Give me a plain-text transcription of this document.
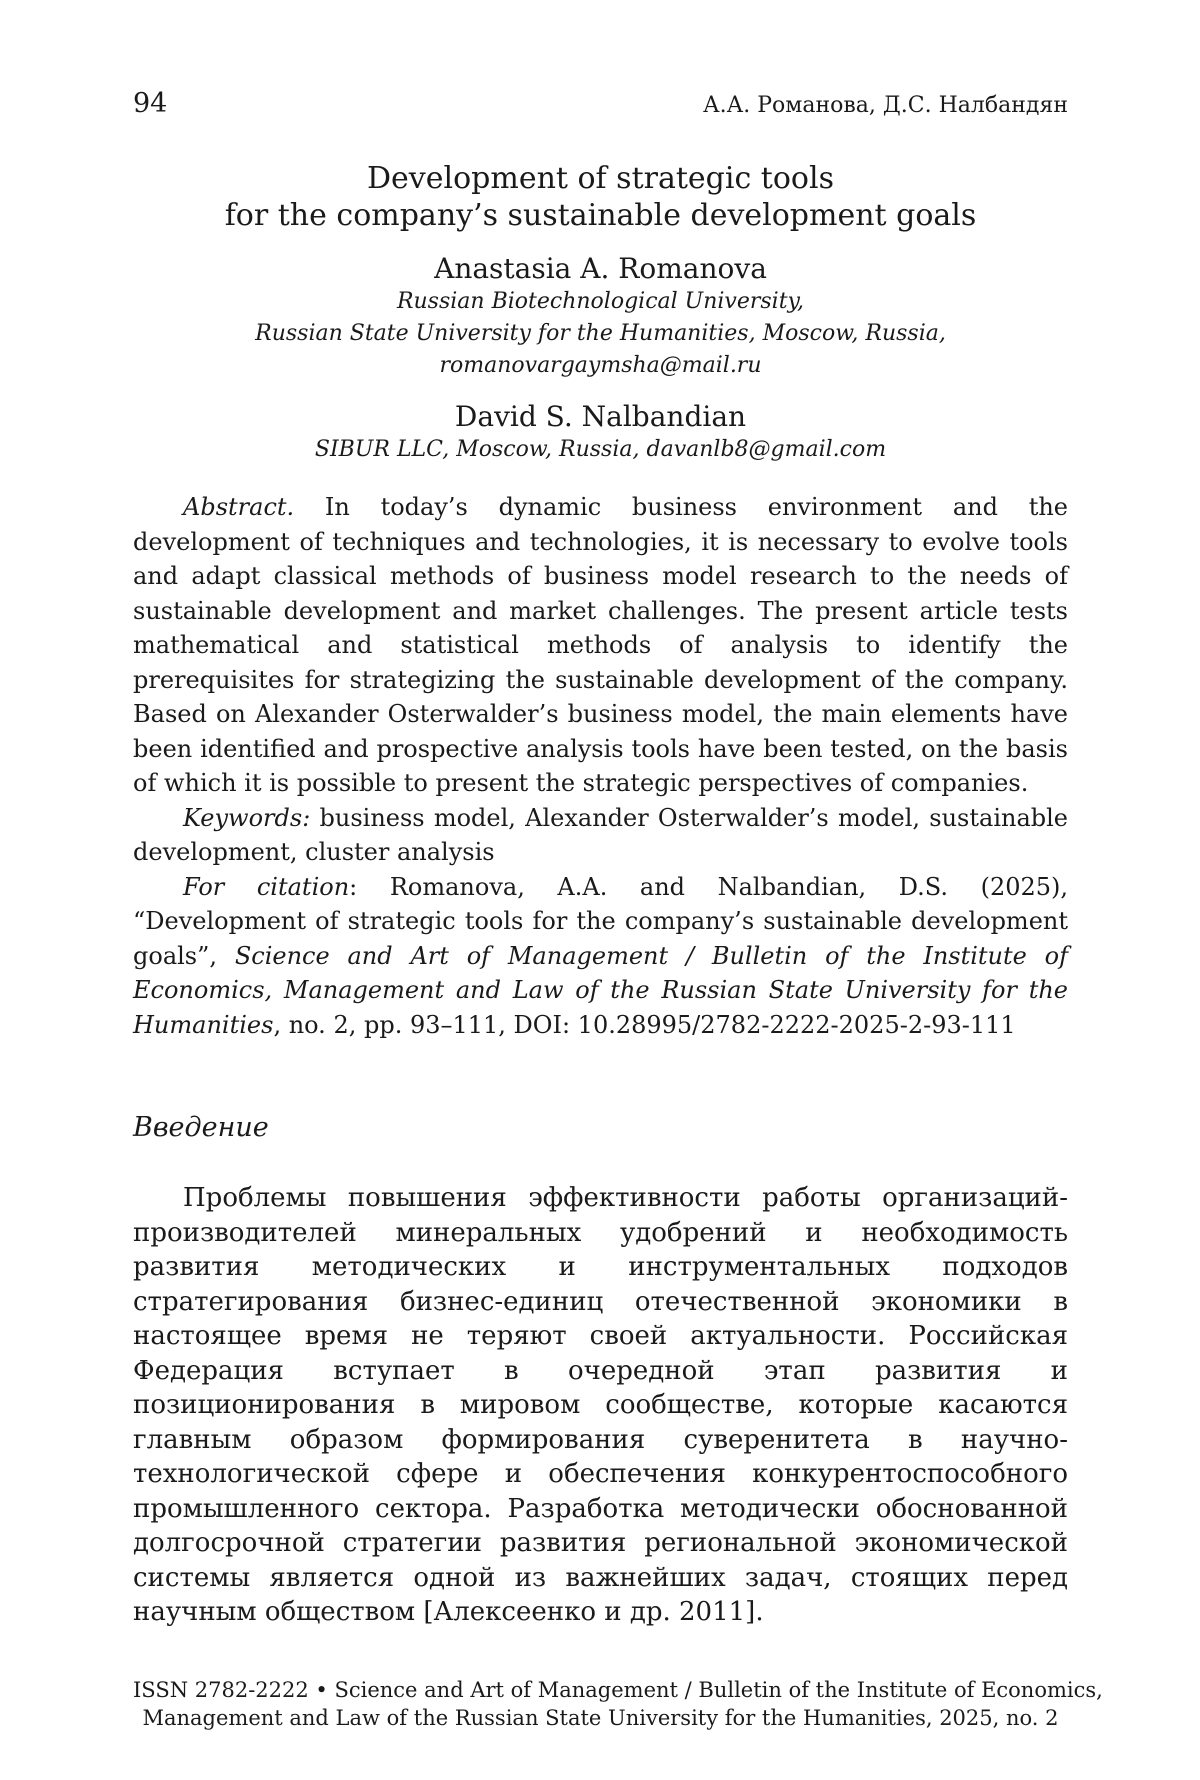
94	А.А. Романова, Д.С. Налбандян
Development of strategic tools
for the company’s sustainable development goals
Anastasia A. Romanova
Russian Biotechnological University,
Russian State University for the Humanities, Moscow, Russia,
romanovargaymsha@mail.ru
David S. Nalbandian
SIBUR LLC, Moscow, Russia, davanlb8@gmail.com

Abstract. In today’s dynamic business environment and the development of techniques and technologies, it is necessary to evolve tools and adapt classical methods of business model research to the needs of sustainable development and market challenges. The present article tests mathematical and statistical methods of analysis to identify the prerequisites for strategizing the sustainable development of the company. Based on Alexander Osterwalder’s business model, the main elements have been identified and prospective analysis tools have been tested, on the basis of which it is possible to present the strategic perspectives of companies.

Keywords: business model, Alexander Osterwalder’s model, sustainable development, cluster analysis

For citation: Romanova, A.A. and Nalbandian, D.S. (2025), “Development of strategic tools for the company’s sustainable development goals”, Science and Art of Management / Bulletin of the Institute of Economics, Management and Law of the Russian State University for the Humanities, no. 2, pp. 93–111, DOI: 10.28995/2782-2222-2025-2-93-111

Введение

Проблемы повышения эффективности работы организаций-производителей минеральных удобрений и необходимость развития методических и инструментальных подходов стратегирования бизнес-единиц отечественной экономики в настоящее время не теряют своей актуальности. Российская Федерация вступает в очередной этап развития и позиционирования в мировом сообществе, которые касаются главным образом формирования суверенитета в научно-технологической сфере и обеспечения конкурентоспособного промышленного сектора. Разработка методически обоснованной долгосрочной стратегии развития региональной экономической системы является одной из важнейших задач, стоящих перед научным обществом [Алексеенко и др. 2011].

ISSN 2782-2222 • Science and Art of Management / Bulletin of the Institute of Economics,
Management and Law of the Russian State University for the Humanities, 2025, no. 2
